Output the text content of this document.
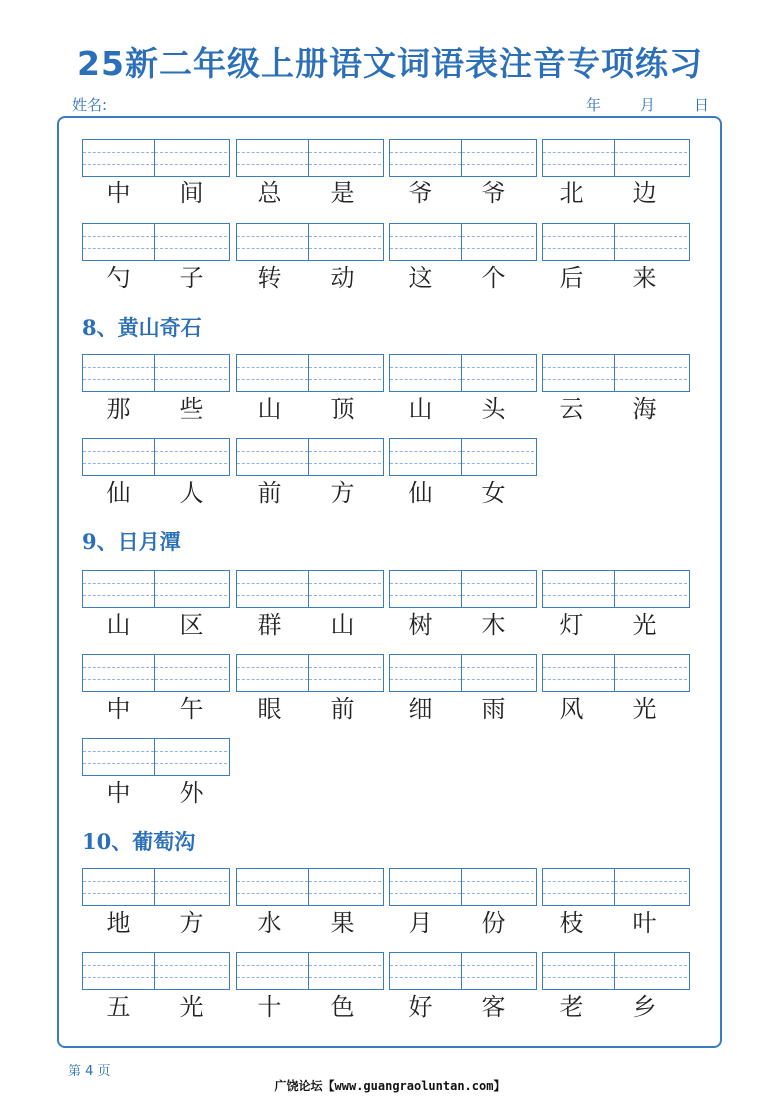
25新二年级上册语文词语表注音专项练习
姓名:	年	月	日
8、黄山奇石
9、日月潭
10、葡萄沟
中	间	总	是	爷	爷	北	边
勺	子	转	动	这	个	后	来
那	些	山	顶	山	头	云	海
仙	人	前	方	仙	女
山	区	群	山	树	木	灯	光
中	午	眼	前	细	雨	风	光
中	外
地	方	水	果	月	份	枝	叶
五	光	十	色	好	客	老	乡
第 4 页
广饶论坛【www.guangraoluntan.com】
